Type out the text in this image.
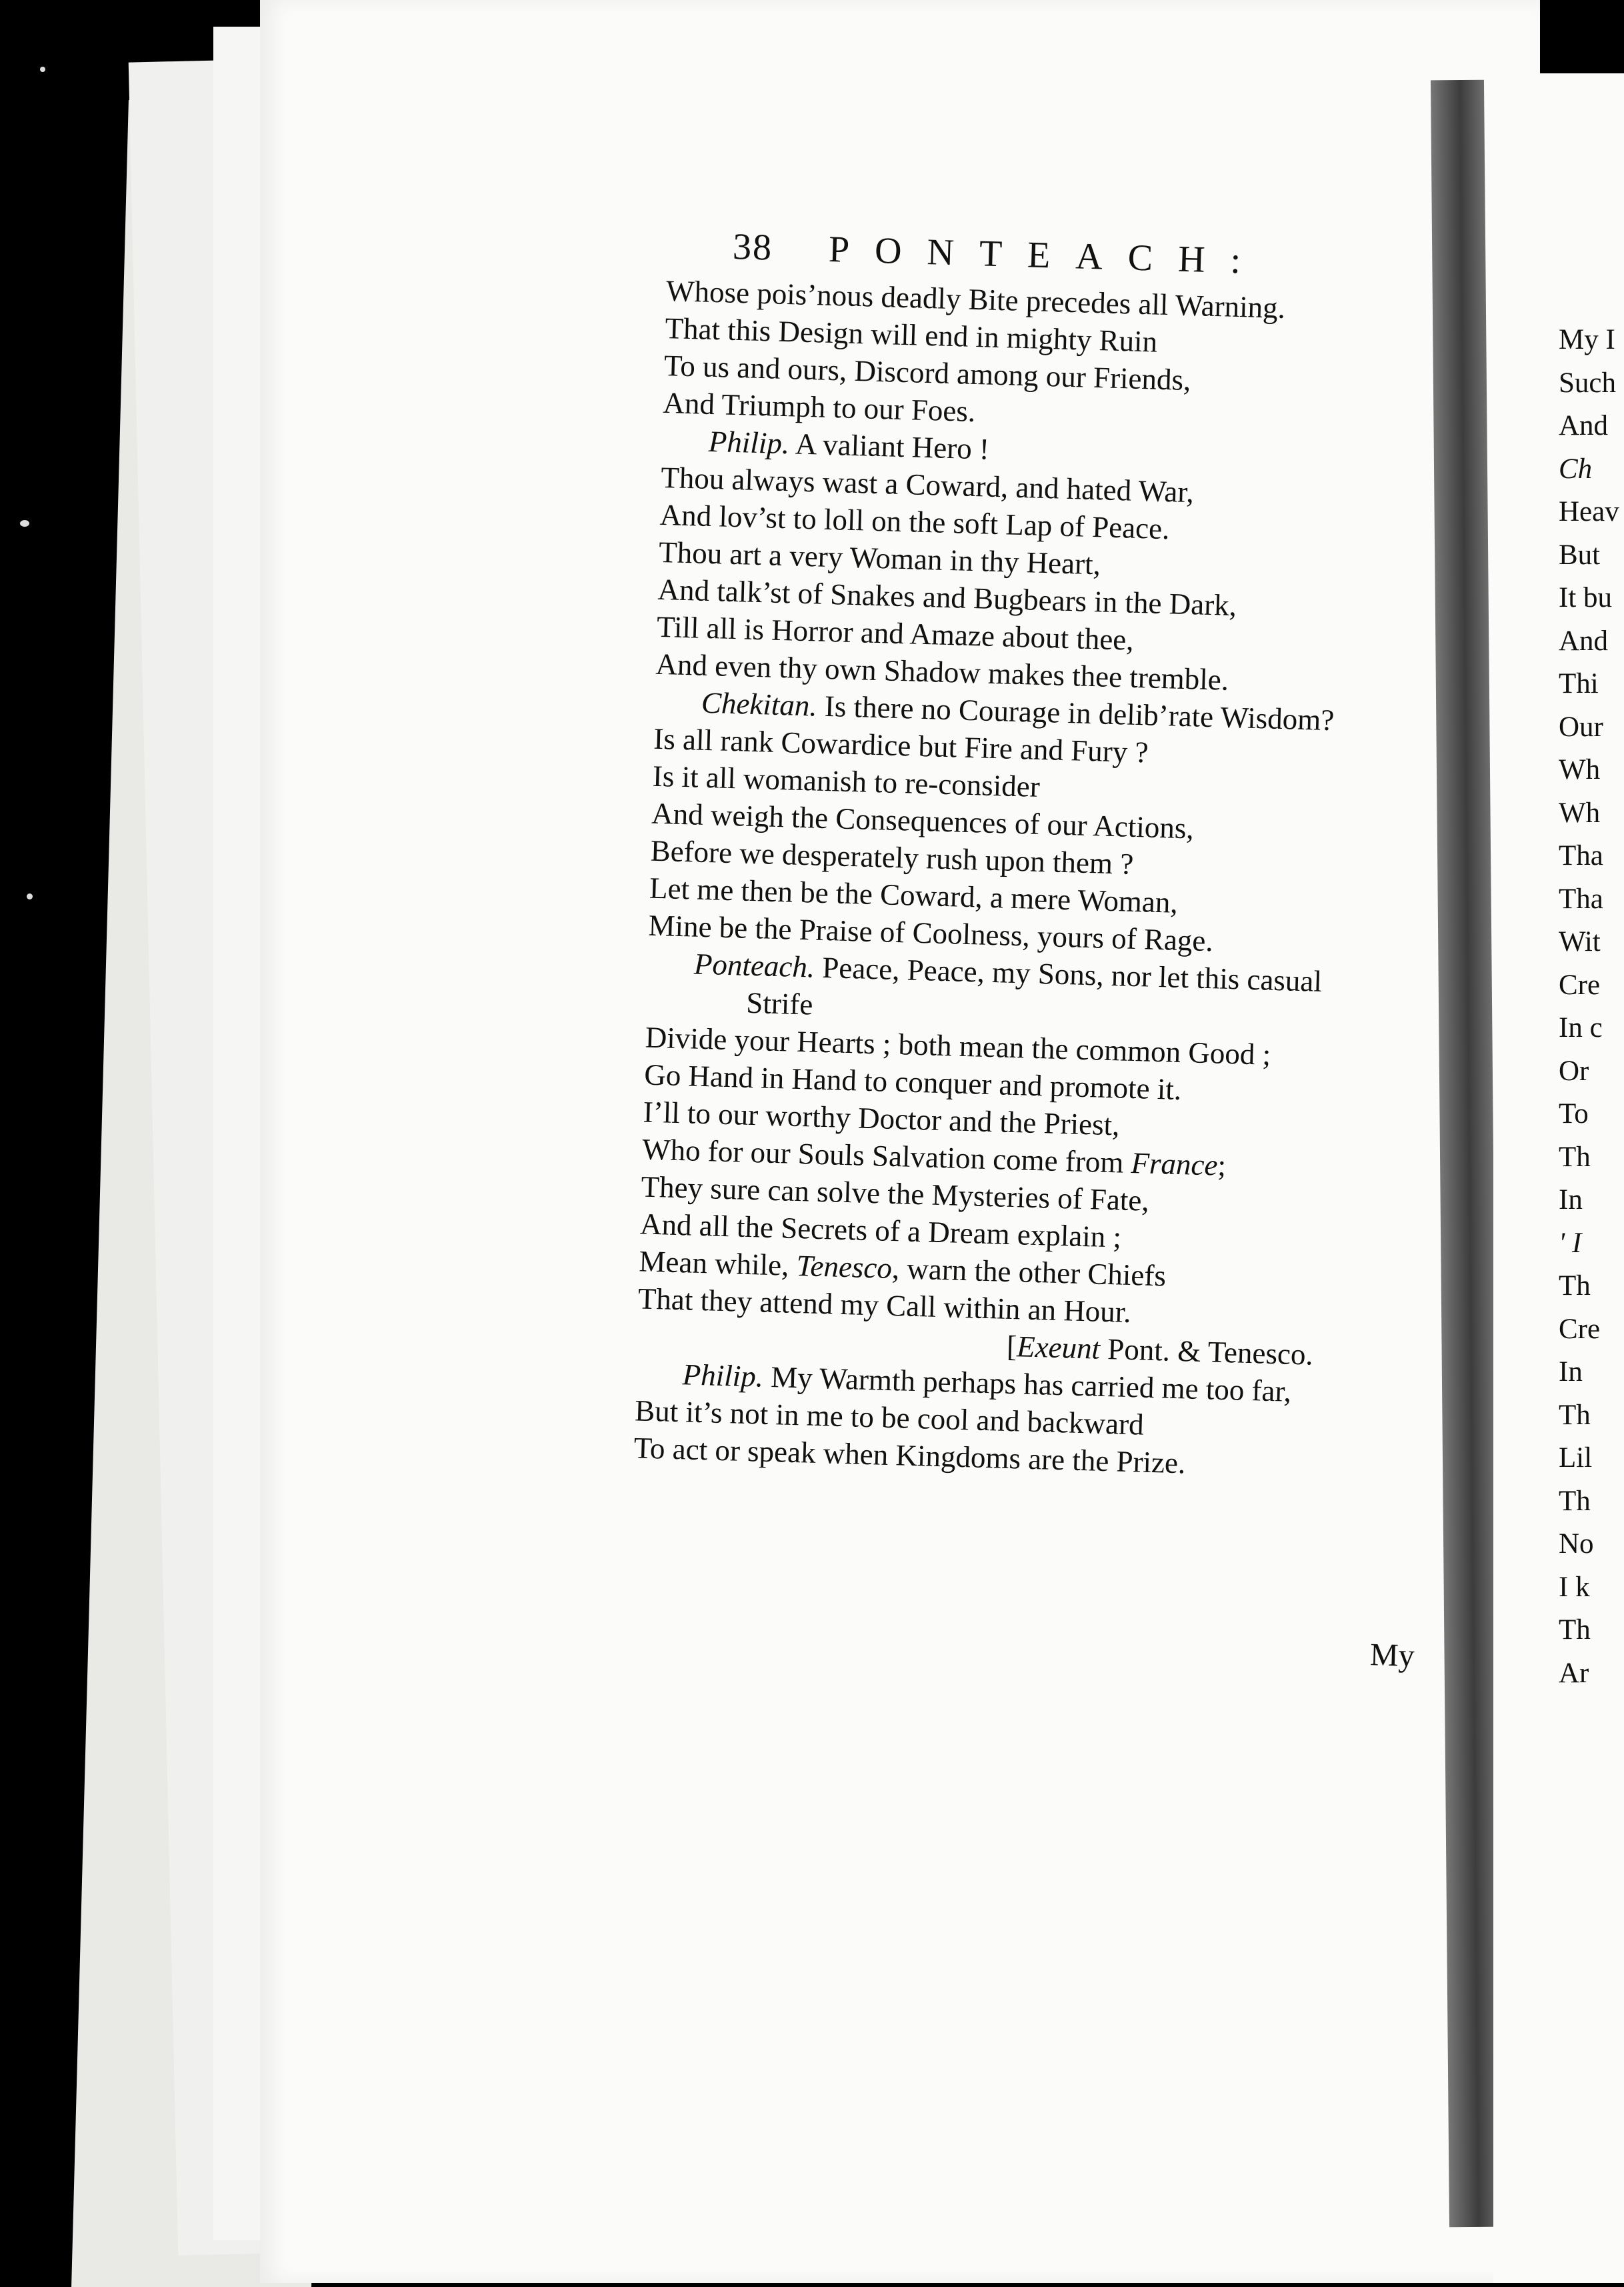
38 PONTEACH:
Whose pois’nous deadly Bite precedes all Warning.
That this Design will end in mighty Ruin
To us and ours, Discord among our Friends,
And Triumph to our Foes.
Philip. A valiant Hero !
Thou always wast a Coward, and hated War,
And lov’st to loll on the soft Lap of Peace.
Thou art a very Woman in thy Heart,
And talk’st of Snakes and Bugbears in the Dark,
Till all is Horror and Amaze about thee,
And even thy own Shadow makes thee tremble.
Chekitan. Is there no Courage in delib’rate Wisdom?
Is all rank Cowardice but Fire and Fury ?
Is it all womanish to re-consider
And weigh the Consequences of our Actions,
Before we desperately rush upon them ?
Let me then be the Coward, a mere Woman,
Mine be the Praise of Coolness, yours of Rage.
Ponteach. Peace, Peace, my Sons, nor let this casual
Strife
Divide your Hearts ; both mean the common Good ;
Go Hand in Hand to conquer and promote it.
I’ll to our worthy Doctor and the Priest,
Who for our Souls Salvation come from France;
They sure can solve the Mysteries of Fate,
And all the Secrets of a Dream explain ;
Mean while, Tenesco, warn the other Chiefs
That they attend my Call within an Hour.
[Exeunt Pont. & Tenesco.
Philip. My Warmth perhaps has carried me too far,
But it’s not in me to be cool and backward
To act or speak when Kingdoms are the Prize.
My
My I
Such
And
Ch
Heav
But
It bu
And
Thi
Our
Wh
Wh
Tha
Tha
Wit
Cre
In c
Or
To
Th
In
' I
Th
Cre
In
Th
Lil
Th
No
I k
Th
Ar
